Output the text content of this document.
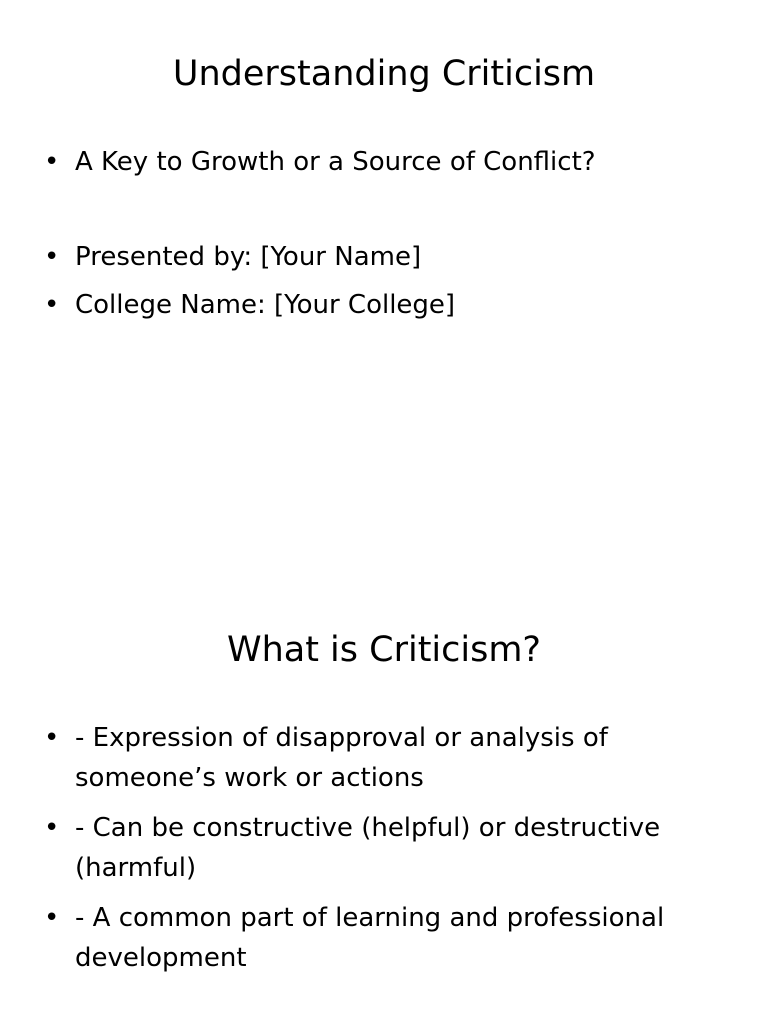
Understanding Criticism
• A Key to Growth or a Source of Conflict?
• Presented by: [Your Name]
• College Name: [Your College]
What is Criticism?
• - Expression of disapproval or analysis of someone’s work or actions
• - Can be constructive (helpful) or destructive (harmful)
• - A common part of learning and professional development
